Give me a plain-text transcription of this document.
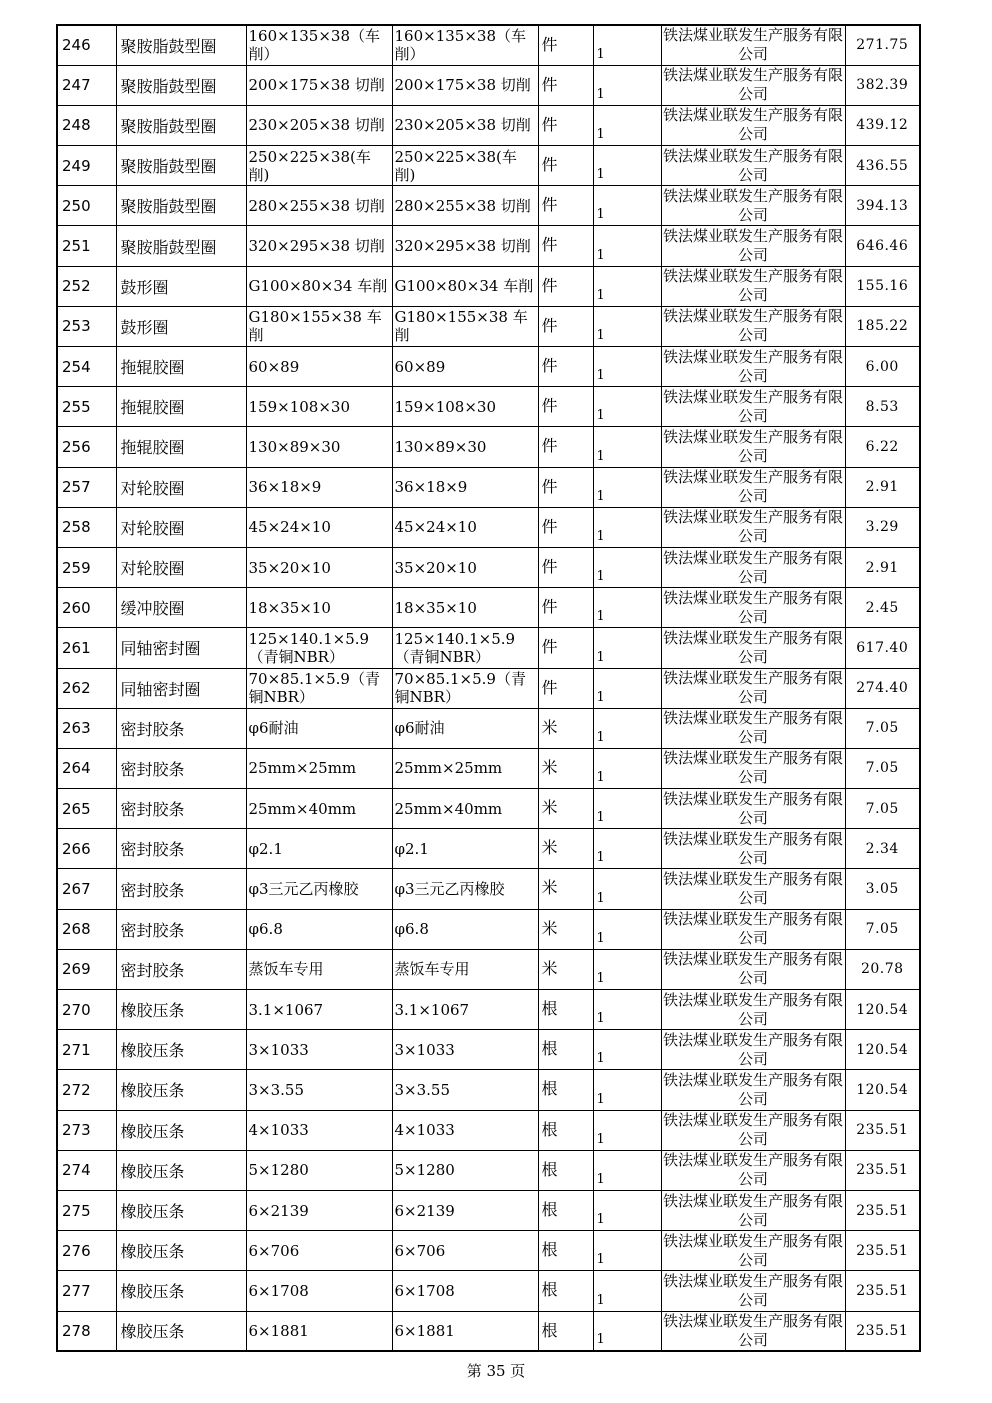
246	聚胺脂鼓型圈	160×135×38（车削）	160×135×38（车削）	件	1	铁法煤业联发生产服务有限公司	271.75
247	聚胺脂鼓型圈	200×175×38 切削	200×175×38 切削	件	1	铁法煤业联发生产服务有限公司	382.39
248	聚胺脂鼓型圈	230×205×38 切削	230×205×38 切削	件	1	铁法煤业联发生产服务有限公司	439.12
249	聚胺脂鼓型圈	250×225×38(车削)	250×225×38(车削)	件	1	铁法煤业联发生产服务有限公司	436.55
250	聚胺脂鼓型圈	280×255×38 切削	280×255×38 切削	件	1	铁法煤业联发生产服务有限公司	394.13
251	聚胺脂鼓型圈	320×295×38 切削	320×295×38 切削	件	1	铁法煤业联发生产服务有限公司	646.46
252	鼓形圈	G100×80×34 车削	G100×80×34 车削	件	1	铁法煤业联发生产服务有限公司	155.16
253	鼓形圈	G180×155×38 车削	G180×155×38 车削	件	1	铁法煤业联发生产服务有限公司	185.22
254	拖辊胶圈	60×89	60×89	件	1	铁法煤业联发生产服务有限公司	6.00
255	拖辊胶圈	159×108×30	159×108×30	件	1	铁法煤业联发生产服务有限公司	8.53
256	拖辊胶圈	130×89×30	130×89×30	件	1	铁法煤业联发生产服务有限公司	6.22
257	对轮胶圈	36×18×9	36×18×9	件	1	铁法煤业联发生产服务有限公司	2.91
258	对轮胶圈	45×24×10	45×24×10	件	1	铁法煤业联发生产服务有限公司	3.29
259	对轮胶圈	35×20×10	35×20×10	件	1	铁法煤业联发生产服务有限公司	2.91
260	缓冲胶圈	18×35×10	18×35×10	件	1	铁法煤业联发生产服务有限公司	2.45
261	同轴密封圈	125×140.1×5.9（青铜NBR）	125×140.1×5.9（青铜NBR）	件	1	铁法煤业联发生产服务有限公司	617.40
262	同轴密封圈	70×85.1×5.9（青铜NBR）	70×85.1×5.9（青铜NBR）	件	1	铁法煤业联发生产服务有限公司	274.40
263	密封胶条	φ6耐油	φ6耐油	米	1	铁法煤业联发生产服务有限公司	7.05
264	密封胶条	25mm×25mm	25mm×25mm	米	1	铁法煤业联发生产服务有限公司	7.05
265	密封胶条	25mm×40mm	25mm×40mm	米	1	铁法煤业联发生产服务有限公司	7.05
266	密封胶条	φ2.1	φ2.1	米	1	铁法煤业联发生产服务有限公司	2.34
267	密封胶条	φ3三元乙丙橡胶	φ3三元乙丙橡胶	米	1	铁法煤业联发生产服务有限公司	3.05
268	密封胶条	φ6.8	φ6.8	米	1	铁法煤业联发生产服务有限公司	7.05
269	密封胶条	蒸饭车专用	蒸饭车专用	米	1	铁法煤业联发生产服务有限公司	20.78
270	橡胶压条	3.1×1067	3.1×1067	根	1	铁法煤业联发生产服务有限公司	120.54
271	橡胶压条	3×1033	3×1033	根	1	铁法煤业联发生产服务有限公司	120.54
272	橡胶压条	3×3.55	3×3.55	根	1	铁法煤业联发生产服务有限公司	120.54
273	橡胶压条	4×1033	4×1033	根	1	铁法煤业联发生产服务有限公司	235.51
274	橡胶压条	5×1280	5×1280	根	1	铁法煤业联发生产服务有限公司	235.51
275	橡胶压条	6×2139	6×2139	根	1	铁法煤业联发生产服务有限公司	235.51
276	橡胶压条	6×706	6×706	根	1	铁法煤业联发生产服务有限公司	235.51
277	橡胶压条	6×1708	6×1708	根	1	铁法煤业联发生产服务有限公司	235.51
278	橡胶压条	6×1881	6×1881	根	1	铁法煤业联发生产服务有限公司	235.51
第 35 页
